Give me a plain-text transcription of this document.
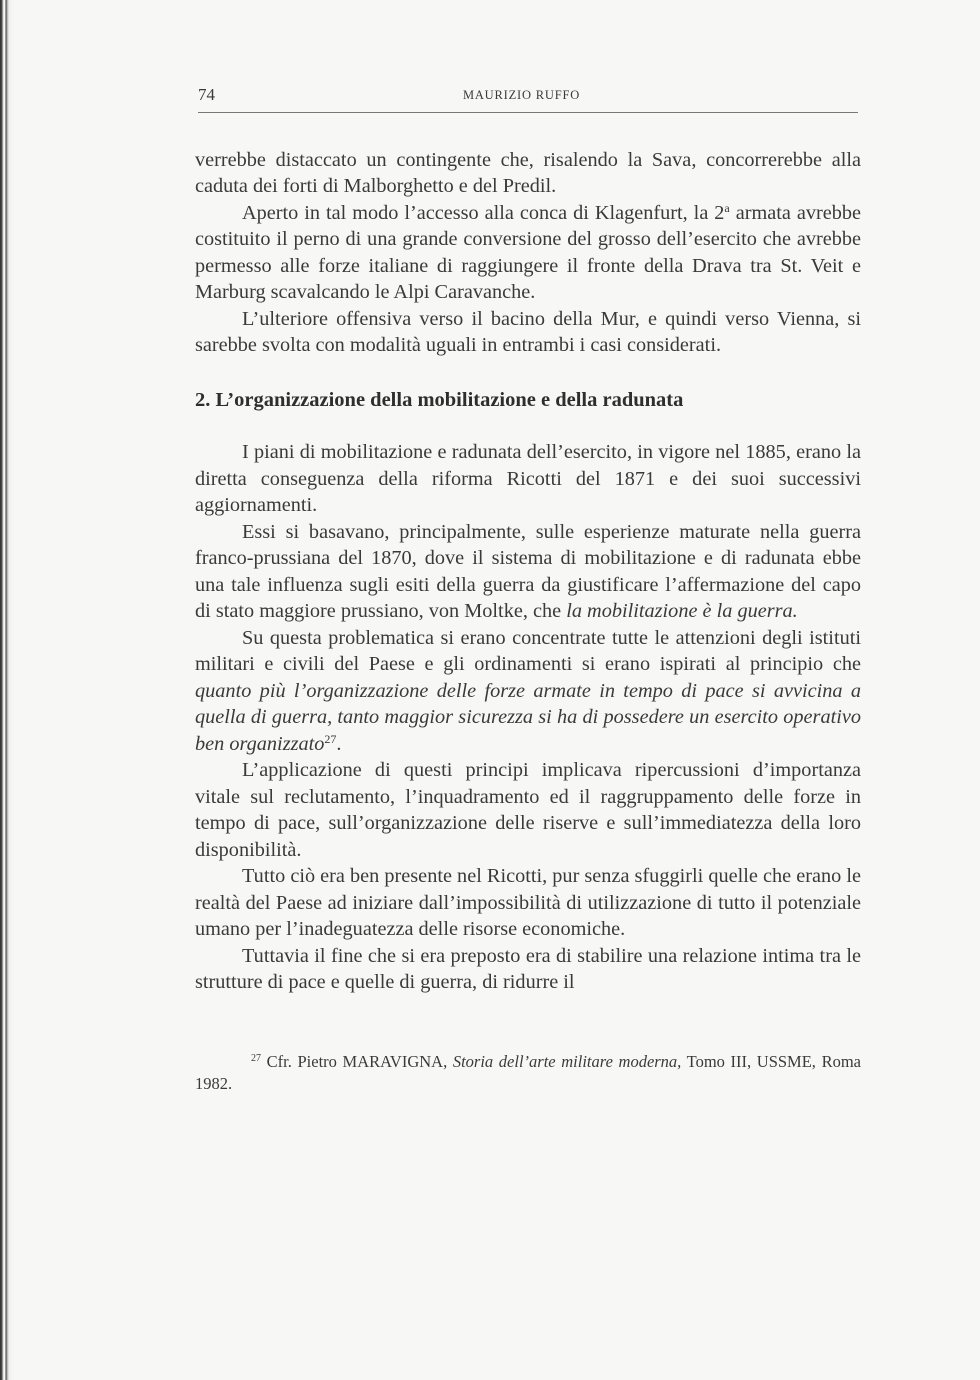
74	MAURIZIO RUFFO

verrebbe distaccato un contingente che, risalendo la Sava, concorrerebbe alla caduta dei forti di Malborghetto e del Predil.

Aperto in tal modo l’accesso alla conca di Klagenfurt, la 2$^a$ armata avrebbe costituito il perno di una grande conversione del grosso dell’esercito che avrebbe permesso alle forze italiane di raggiungere il fronte della Drava tra St. Veit e Marburg scavalcando le Alpi Caravanche.

L’ulteriore offensiva verso il bacino della Mur, e quindi verso Vienna, si sarebbe svolta con modalità uguali in entrambi i casi considerati.

2. L’organizzazione della mobilitazione e della radunata

I piani di mobilitazione e radunata dell’esercito, in vigore nel 1885, erano la diretta conseguenza della riforma Ricotti del 1871 e dei suoi successivi aggiornamenti.

Essi si basavano, principalmente, sulle esperienze maturate nella guerra franco-prussiana del 1870, dove il sistema di mobilitazione e di radunata ebbe una tale influenza sugli esiti della guerra da giustificare l’affermazione del capo di stato maggiore prussiano, von Moltke, che la mobilitazione è la guerra.

Su questa problematica si erano concentrate tutte le attenzioni degli istituti militari e civili del Paese e gli ordinamenti si erano ispirati al principio che quanto più l’organizzazione delle forze armate in tempo di pace si avvicina a quella di guerra, tanto maggior sicurezza si ha di possedere un esercito operativo ben organizzato$^{27}$.

L’applicazione di questi principi implicava ripercussioni d’importanza vitale sul reclutamento, l’inquadramento ed il raggruppamento delle forze in tempo di pace, sull’organizzazione delle riserve e sull’immediatezza della loro disponibilità.

Tutto ciò era ben presente nel Ricotti, pur senza sfuggirli quelle che erano le realtà del Paese ad iniziare dall’impossibilità di utilizzazione di tutto il potenziale umano per l’inadeguatezza delle risorse economiche.

Tuttavia il fine che si era preposto era di stabilire una relazione intima tra le strutture di pace e quelle di guerra, di ridurre il

$^{27}$ Cfr. Pietro MARAVIGNA, Storia dell’arte militare moderna, Tomo III, USSME, Roma 1982.
